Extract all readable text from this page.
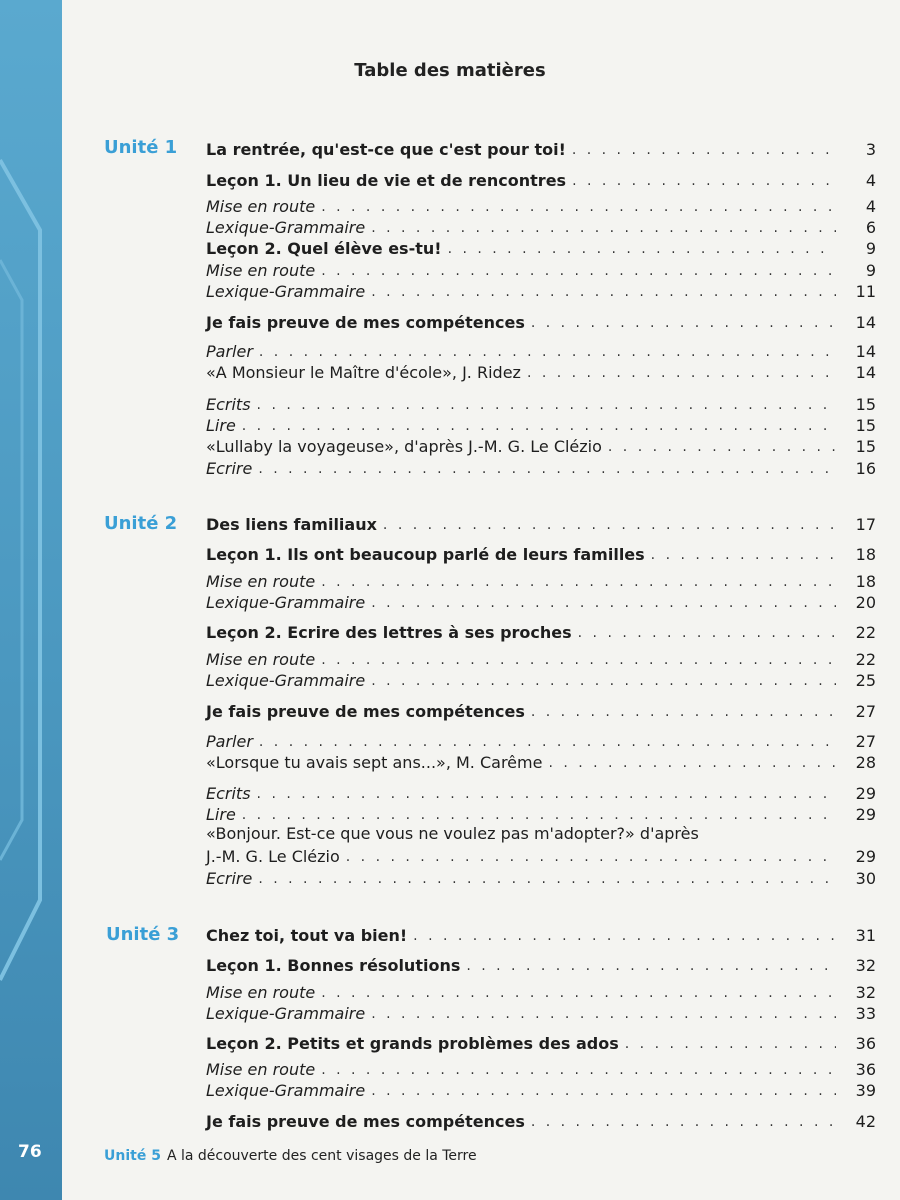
76
Table des matières
Unité 1
Unité 2
Unité 3
La rentrée, qu'est-ce que c'est pour toi! . . .	3
Leçon 1. Un lieu de vie et de rencontres . . .	4
Mise en route . . .	4
Lexique-Grammaire . . .	6
Leçon 2. Quel élève es-tu! . . .	9
Mise en route . . .	9
Lexique-Grammaire . . .	11
Je fais preuve de mes compétences . . .	14
Parler . . .	14
«A Monsieur le Maître d'école», J. Ridez . . .	14
Ecrits . . .	15
Lire . . .	15
«Lullaby la voyageuse», d'après J.-M. G. Le Clézio . . .	15
Ecrire . . .	16
Des liens familiaux . . .	17
Leçon 1. Ils ont beaucoup parlé de leurs familles . . .	18
Mise en route . . .	18
Lexique-Grammaire . . .	20
Leçon 2. Ecrire des lettres à ses proches . . .	22
Mise en route . . .	22
Lexique-Grammaire . . .	25
Je fais preuve de mes compétences . . .	27
Parler . . .	27
«Lorsque tu avais sept ans...», M. Carême . . .	28
Ecrits . . .	29
Lire . . .	29
«Bonjour. Est-ce que vous ne voulez pas m'adopter?» d'après
J.-M. G. Le Clézio . . .	29
Ecrire . . .	30
Chez toi, tout va bien! . . .	31
Leçon 1. Bonnes résolutions . . .	32
Mise en route . . .	32
Lexique-Grammaire . . .	33
Leçon 2. Petits et grands problèmes des ados . . .	36
Mise en route . . .	36
Lexique-Grammaire . . .	39
Je fais preuve de mes compétences . . .	42
Unité 5 A la découverte des cent visages de la Terre
